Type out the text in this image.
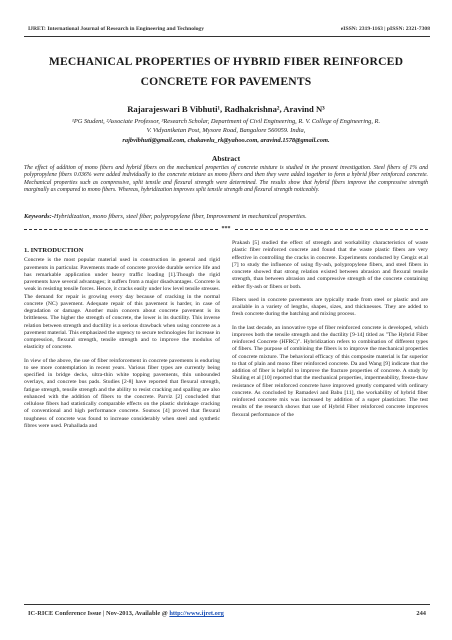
IJRET: International Journal of Research in Engineering and Technology	eISSN: 2319-1163 | pISSN: 2321-7308
MECHANICAL PROPERTIES OF HYBRID FIBER REINFORCED
CONCRETE FOR PAVEMENTS
Rajarajeswari B Vibhuti¹, Radhakrishna², Aravind N³
¹PG Student, ²Associate Professor, ³Research Scholar, Department of Civil Engineering, R. V. College of Engineering, R.
V. Vidyaniketan Post, Mysore Road, Bangalore 560059. India,
rajbvibhuti@gmail.com, chakavelu_rk@yahoo.com, aravind.1578@gmail.com.
Abstract
The effect of addition of mono fibers and hybrid fibers on the mechanical properties of concrete mixture is studied in the present investigation. Steel fibers of 1% and polypropylene fibers 0.036% were added individually to the concrete mixture as mono fibers and then they were added together to form a hybrid fiber reinforced concrete. Mechanical properties such as compressive, split tensile and flexural strength were determined. The results show that hybrid fibers improve the compressive strength marginally as compared to mono fibers. Whereas, hybridization improves split tensile strength and flexural strength noticeably.
Keywords:-Hybridization, mono fibers, steel fiber, polypropylene fiber, Improvement in mechanical properties.
***
1. INTRODUCTION

Concrete is the most popular material used in construction in general and rigid pavements in particular. Pavements made of concrete provide durable service life and has remarkable application under heavy traffic loading [1].Though the rigid pavements have several advantages; it suffers from a major disadvantages. Concrete is weak in resisting tensile forces. Hence, it cracks easily under low level tensile stresses. The demand for repair is growing every day because of cracking in the normal concrete (NC) pavement. Adequate repair of this pavement is harder, in case of degradation or damage. Another main concern about concrete pavement is its brittleness. The higher the strength of concrete, the lower is its ductility. This inverse relation between strength and ductility is a serious drawback when using concrete as a pavement material. This emphasized the urgency to secure technologies for increase in compression, flexural strength, tensile strength and to improve the modulus of elasticity of concrete.

In view of the above, the use of fiber reinforcement in concrete pavements is enduring to see more contemplation in recent years. Various fiber types are currently being specified in bridge decks, ultra-thin white topping pavements, thin unbounded overlays, and concrete bus pads. Studies [2-8] have reported that flexural strength, fatigue strength, tensile strength and the ability to resist cracking and spalling are also enhanced with the addition of fibers to the concrete. Parviz [2] concluded that cellulose fibers had statistically comparable effects on the plastic shrinkage cracking of conventional and high performance concrete. Soutsos [4] proved that flexural toughness of concrete was found to increase considerably when steel and synthetic fibres were used. Prahallada and

Prakash [5] studied the effect of strength and workability characteristics of waste plastic fiber reinforced concrete and found that the waste plastic fibers are very effective in controlling the cracks in concrete. Experiments conducted by Cengiz et.al [7] to study the influence of using fly-ash, polypropylene fibers, and steel fibers in concrete showed that strong relation existed between abrasion and flexural tensile strength, than between abrasion and compressive strength of the concrete containing either fly-ash or fibers or both.

Fibers used in concrete pavements are typically made from steel or plastic and are available in a variety of lengths, shapes, sizes, and thicknesses. They are added to fresh concrete during the batching and mixing process.

In the last decade, an innovative type of fiber reinforced concrete is developed, which improves both the tensile strength and the ductility [9-14] titled as "The Hybrid Fiber reinforced Concrete (HFRC)". Hybridization refers to combination of different types of fibers. The purpose of combining the fibers is to improve the mechanical properties of concrete mixture. The behavioral efficacy of this composite material is far superior to that of plain and mono fiber reinforced concrete. Da and Wang [9] indicate that the addition of fiber is helpful to improve the fracture properties of concrete. A study by Shuling et al [10] reported that the mechanical properties, impermeability, freeze-thaw resistance of fiber reinforced concrete have improved greatly compared with ordinary concrete. As concluded by Ramadevi and Babu [11], the workability of hybrid fiber reinforced concrete mix was increased by addition of a super plasticizer. The test results of the research shows that use of Hybrid Fiber reinforced concrete improves flexural performance of the

IC-RICE Conference Issue | Nov-2013, Available @ http://www.ijret.org	244
